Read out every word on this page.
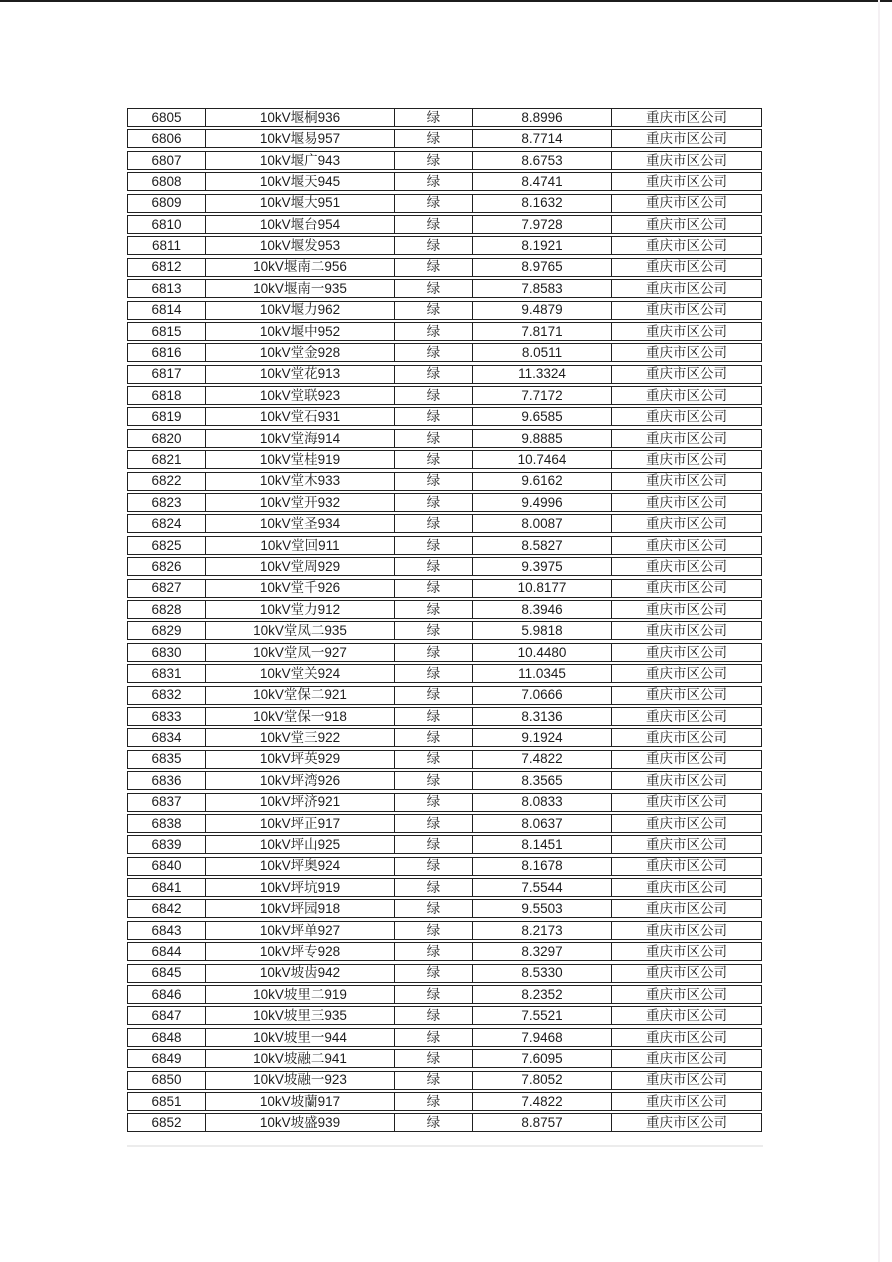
6805	10kV堰桐936	绿	8.8996	重庆市区公司
6806	10kV堰易957	绿	8.7714	重庆市区公司
6807	10kV堰广943	绿	8.6753	重庆市区公司
6808	10kV堰天945	绿	8.4741	重庆市区公司
6809	10kV堰大951	绿	8.1632	重庆市区公司
6810	10kV堰台954	绿	7.9728	重庆市区公司
6811	10kV堰发953	绿	8.1921	重庆市区公司
6812	10kV堰南二956	绿	8.9765	重庆市区公司
6813	10kV堰南一935	绿	7.8583	重庆市区公司
6814	10kV堰力962	绿	9.4879	重庆市区公司
6815	10kV堰中952	绿	7.8171	重庆市区公司
6816	10kV堂金928	绿	8.0511	重庆市区公司
6817	10kV堂花913	绿	11.3324	重庆市区公司
6818	10kV堂联923	绿	7.7172	重庆市区公司
6819	10kV堂石931	绿	9.6585	重庆市区公司
6820	10kV堂海914	绿	9.8885	重庆市区公司
6821	10kV堂桂919	绿	10.7464	重庆市区公司
6822	10kV堂木933	绿	9.6162	重庆市区公司
6823	10kV堂开932	绿	9.4996	重庆市区公司
6824	10kV堂圣934	绿	8.0087	重庆市区公司
6825	10kV堂回911	绿	8.5827	重庆市区公司
6826	10kV堂周929	绿	9.3975	重庆市区公司
6827	10kV堂千926	绿	10.8177	重庆市区公司
6828	10kV堂力912	绿	8.3946	重庆市区公司
6829	10kV堂凤二935	绿	5.9818	重庆市区公司
6830	10kV堂凤一927	绿	10.4480	重庆市区公司
6831	10kV堂关924	绿	11.0345	重庆市区公司
6832	10kV堂保二921	绿	7.0666	重庆市区公司
6833	10kV堂保一918	绿	8.3136	重庆市区公司
6834	10kV堂三922	绿	9.1924	重庆市区公司
6835	10kV坪英929	绿	7.4822	重庆市区公司
6836	10kV坪湾926	绿	8.3565	重庆市区公司
6837	10kV坪济921	绿	8.0833	重庆市区公司
6838	10kV坪正917	绿	8.0637	重庆市区公司
6839	10kV坪山925	绿	8.1451	重庆市区公司
6840	10kV坪奥924	绿	8.1678	重庆市区公司
6841	10kV坪坑919	绿	7.5544	重庆市区公司
6842	10kV坪园918	绿	9.5503	重庆市区公司
6843	10kV坪单927	绿	8.2173	重庆市区公司
6844	10kV坪专928	绿	8.3297	重庆市区公司
6845	10kV坡齿942	绿	8.5330	重庆市区公司
6846	10kV坡里二919	绿	8.2352	重庆市区公司
6847	10kV坡里三935	绿	7.5521	重庆市区公司
6848	10kV坡里一944	绿	7.9468	重庆市区公司
6849	10kV坡融二941	绿	7.6095	重庆市区公司
6850	10kV坡融一923	绿	7.8052	重庆市区公司
6851	10kV坡蘭917	绿	7.4822	重庆市区公司
6852	10kV坡盛939	绿	8.8757	重庆市区公司
